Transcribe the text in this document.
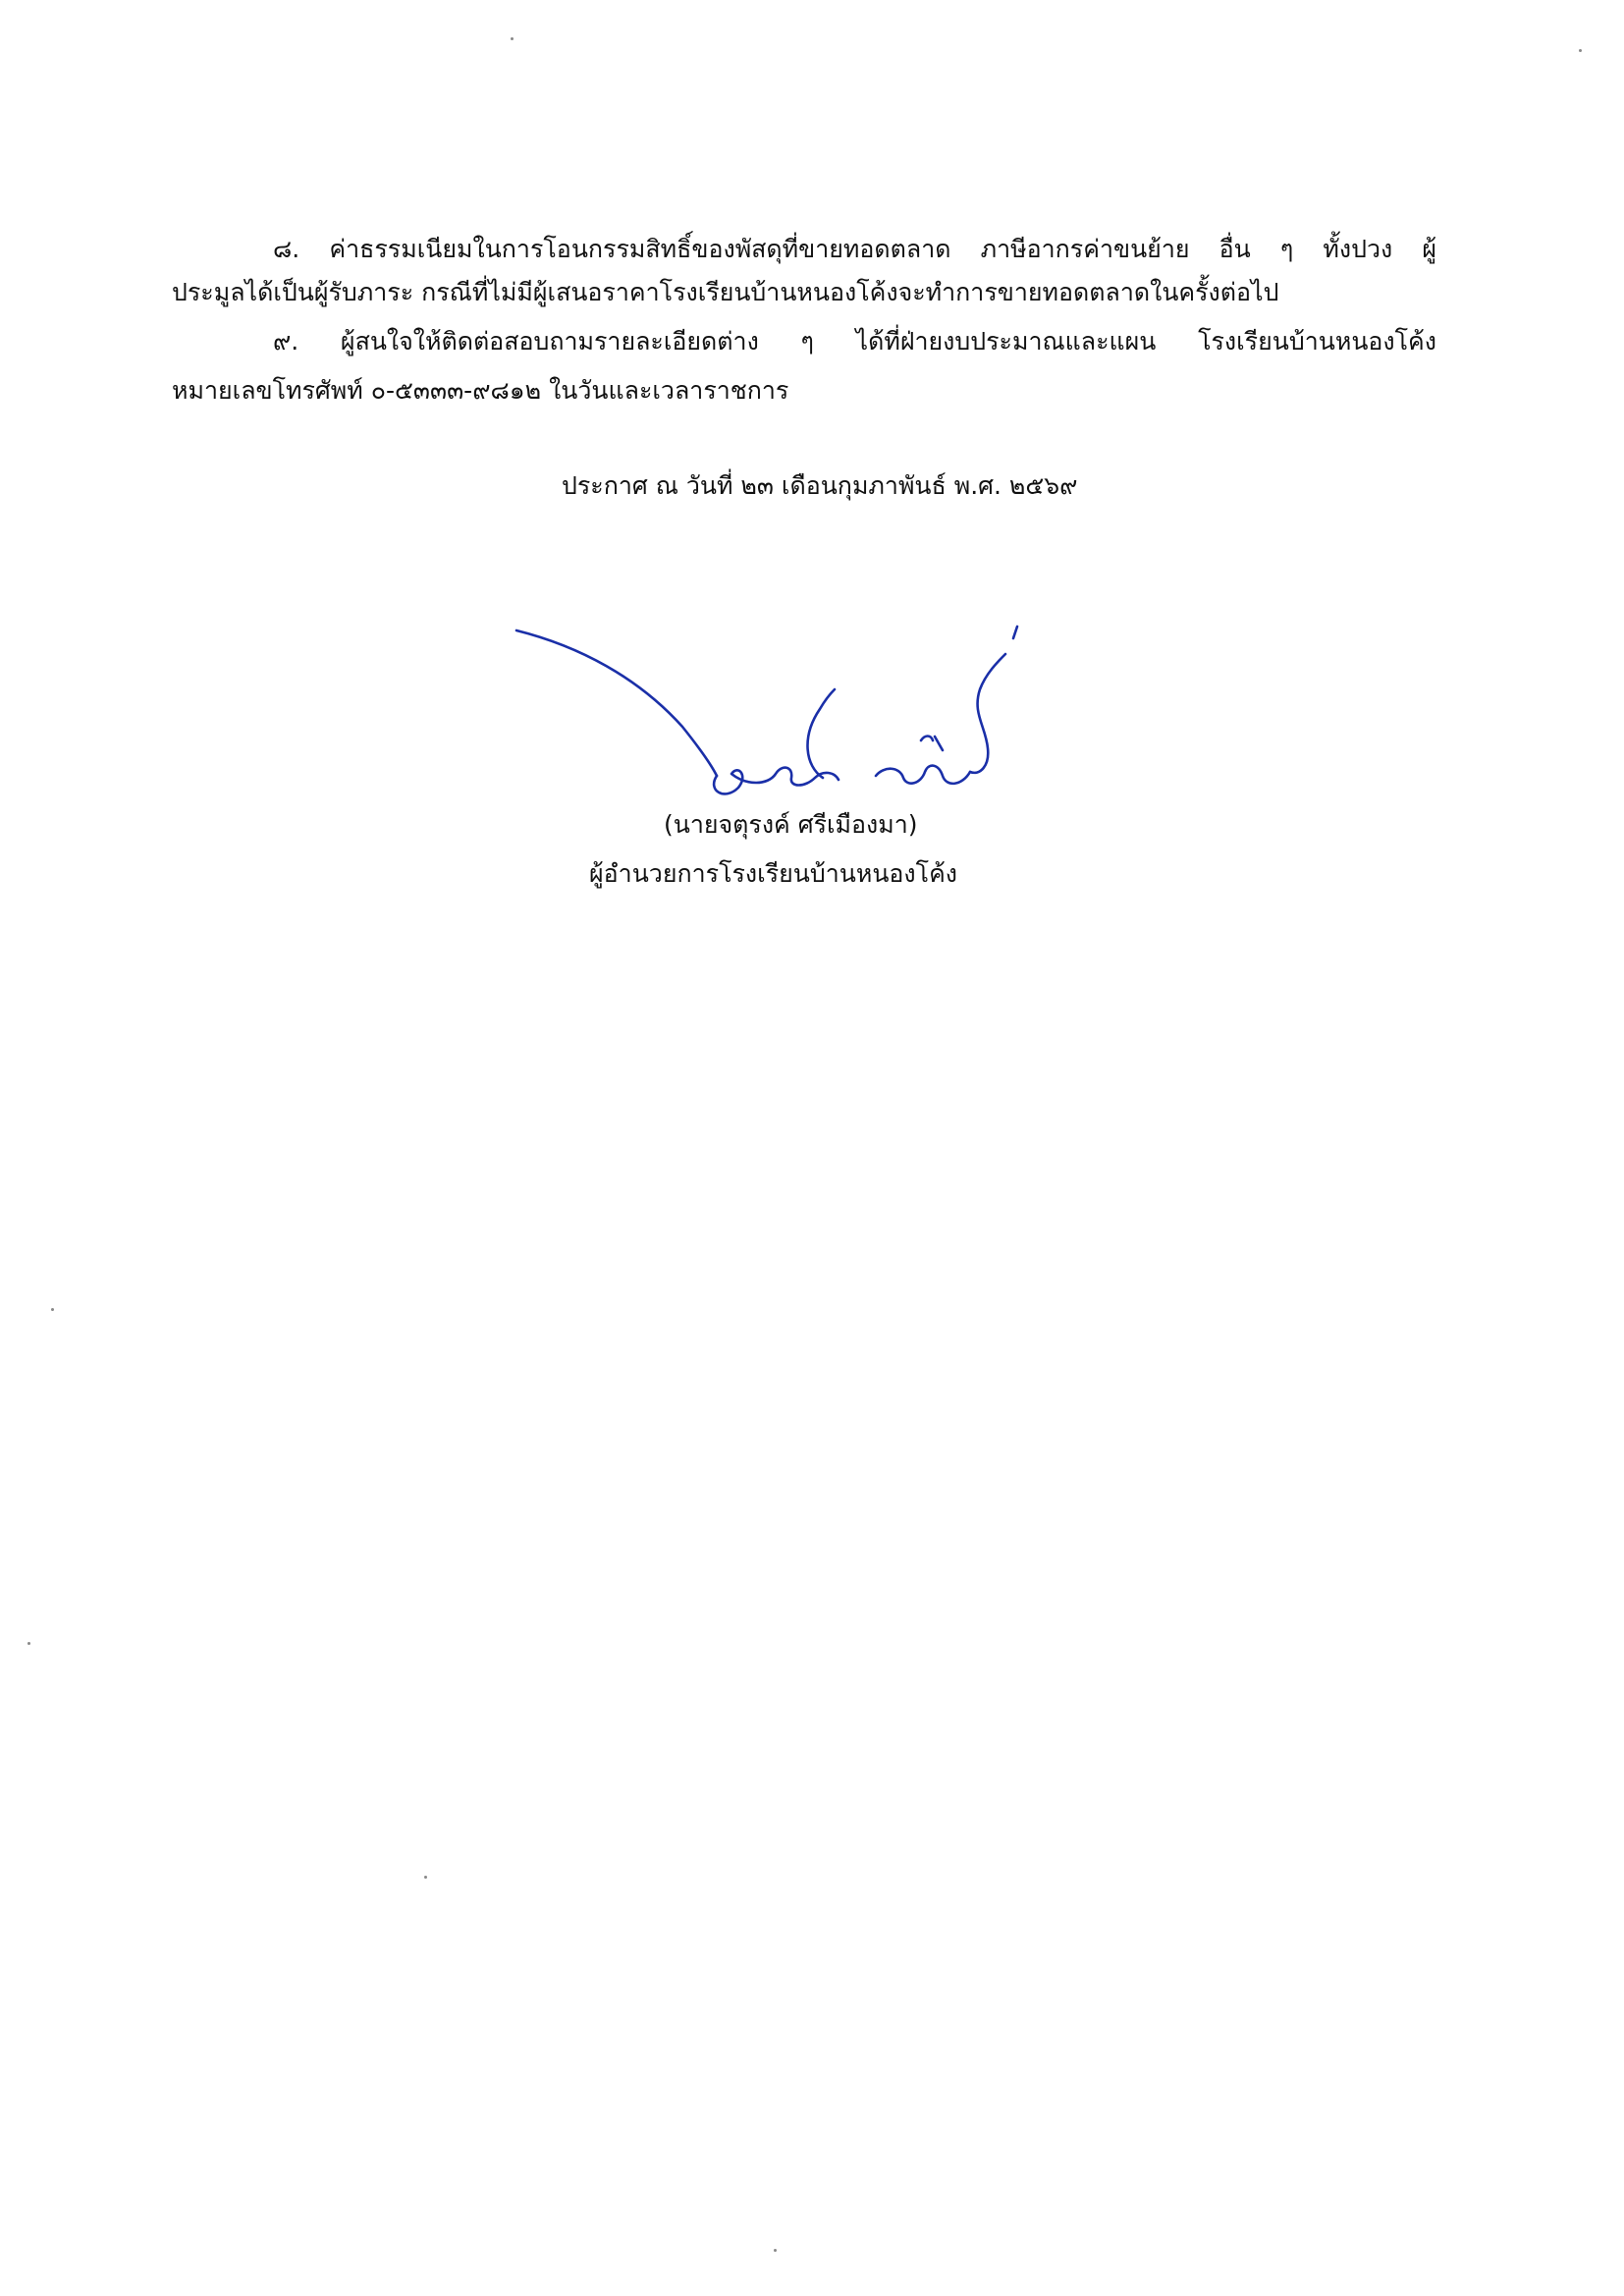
๘. ค่าธรรมเนียมในการโอนกรรมสิทธิ์ของพัสดุที่ขายทอดตลาด ภาษีอากรค่าขนย้าย อื่น ๆ ทั้งปวง ผู้
ประมูลได้เป็นผู้รับภาระ กรณีที่ไม่มีผู้เสนอราคาโรงเรียนบ้านหนองโค้งจะทำการขายทอดตลาดในครั้งต่อไป
๙. ผู้สนใจให้ติดต่อสอบถามรายละเอียดต่าง ๆ ได้ที่ฝ่ายงบประมาณและแผน โรงเรียนบ้านหนองโค้ง
หมายเลขโทรศัพท์ ๐-๕๓๓๓-๙๘๑๒ ในวันและเวลาราชการ
ประกาศ ณ วันที่ ๒๓ เดือนกุมภาพันธ์ พ.ศ. ๒๕๖๙
(นายจตุรงค์ ศรีเมืองมา)
ผู้อำนวยการโรงเรียนบ้านหนองโค้ง
